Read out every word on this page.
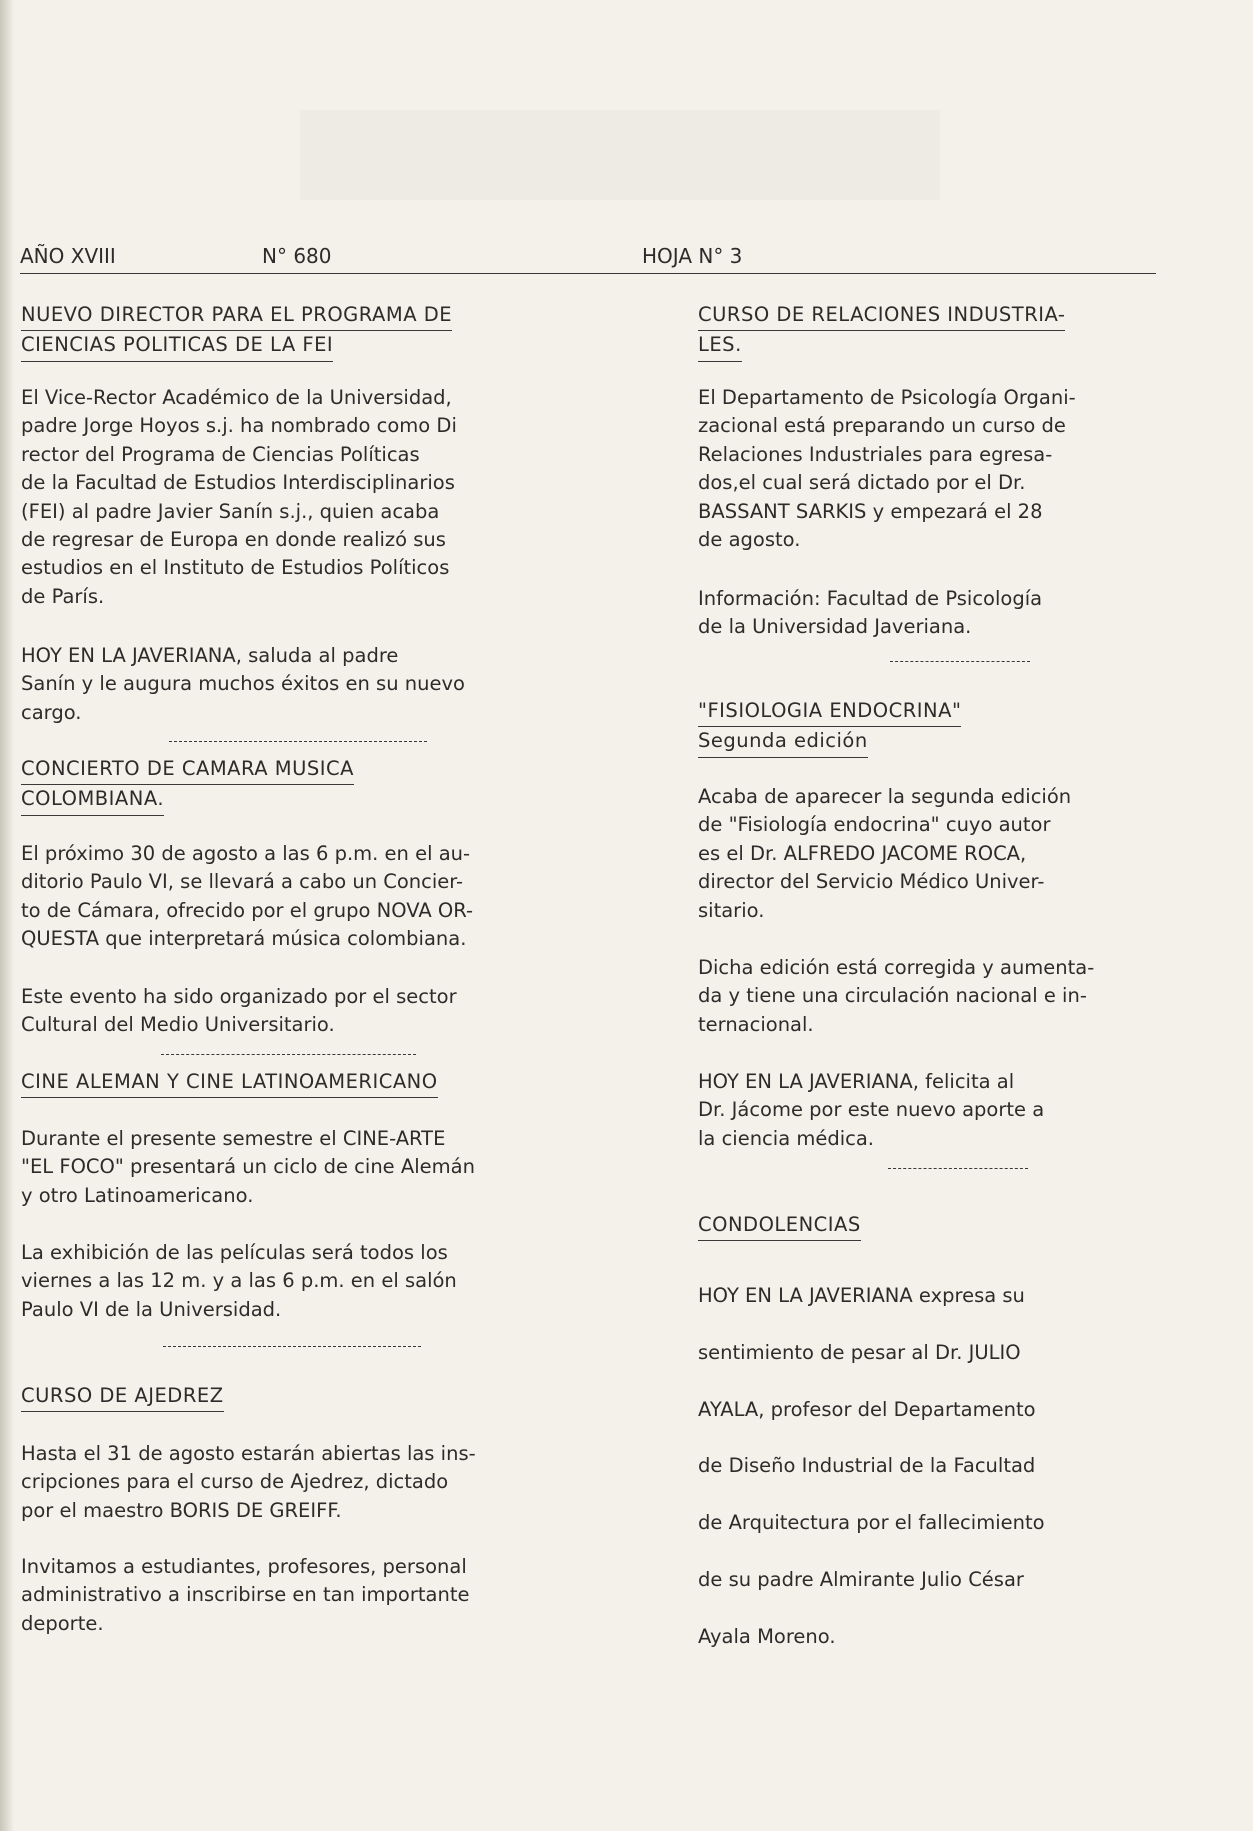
AÑO XVIII	N° 680	HOJA N° 3
NUEVO DIRECTOR PARA EL PROGRAMA DE
CIENCIAS POLITICAS DE LA FEI
El Vice-Rector Académico de la Universidad,
padre Jorge Hoyos s.j. ha nombrado como Di
rector del Programa de Ciencias Políticas
de la Facultad de Estudios Interdisciplinarios
(FEI) al padre Javier Sanín s.j., quien acaba
de regresar de Europa en donde realizó sus
estudios en el Instituto de Estudios Políticos
de París.
HOY EN LA JAVERIANA, saluda al padre
Sanín y le augura muchos éxitos en su nuevo
cargo.
CONCIERTO DE CAMARA MUSICA
COLOMBIANA.
El próximo 30 de agosto a las 6 p.m. en el au-
ditorio Paulo VI, se llevará a cabo un Concier-
to de Cámara, ofrecido por el grupo NOVA OR-
QUESTA que interpretará música colombiana.
Este evento ha sido organizado por el sector
Cultural del Medio Universitario.
CINE ALEMAN Y CINE LATINOAMERICANO
Durante el presente semestre el CINE-ARTE
"EL FOCO" presentará un ciclo de cine Alemán
y otro Latinoamericano.
La exhibición de las películas será todos los
viernes a las 12 m. y a las 6 p.m. en el salón
Paulo VI de la Universidad.
CURSO DE AJEDREZ
Hasta el 31 de agosto estarán abiertas las ins-
cripciones para el curso de Ajedrez, dictado
por el maestro BORIS DE GREIFF.
Invitamos a estudiantes, profesores, personal
administrativo a inscribirse en tan importante
deporte.
CURSO DE RELACIONES INDUSTRIA-
LES.
El Departamento de Psicología Organi-
zacional está preparando un curso de
Relaciones Industriales para egresa-
dos,el cual será dictado por el Dr.
BASSANT SARKIS y empezará el 28
de agosto.
Información: Facultad de Psicología
de la Universidad Javeriana.
"FISIOLOGIA ENDOCRINA"
Segunda edición
Acaba de aparecer la segunda edición
de "Fisiología endocrina" cuyo autor
es el Dr. ALFREDO JACOME ROCA,
director del Servicio Médico Univer-
sitario.
Dicha edición está corregida y aumenta-
da y tiene una circulación nacional e in-
ternacional.
HOY EN LA JAVERIANA, felicita al
Dr. Jácome por este nuevo aporte a
la ciencia médica.
CONDOLENCIAS
HOY EN LA JAVERIANA expresa su
sentimiento de pesar al Dr. JULIO
AYALA, profesor del Departamento
de Diseño Industrial de la Facultad
de Arquitectura por el fallecimiento
de su padre Almirante Julio César
Ayala Moreno.
